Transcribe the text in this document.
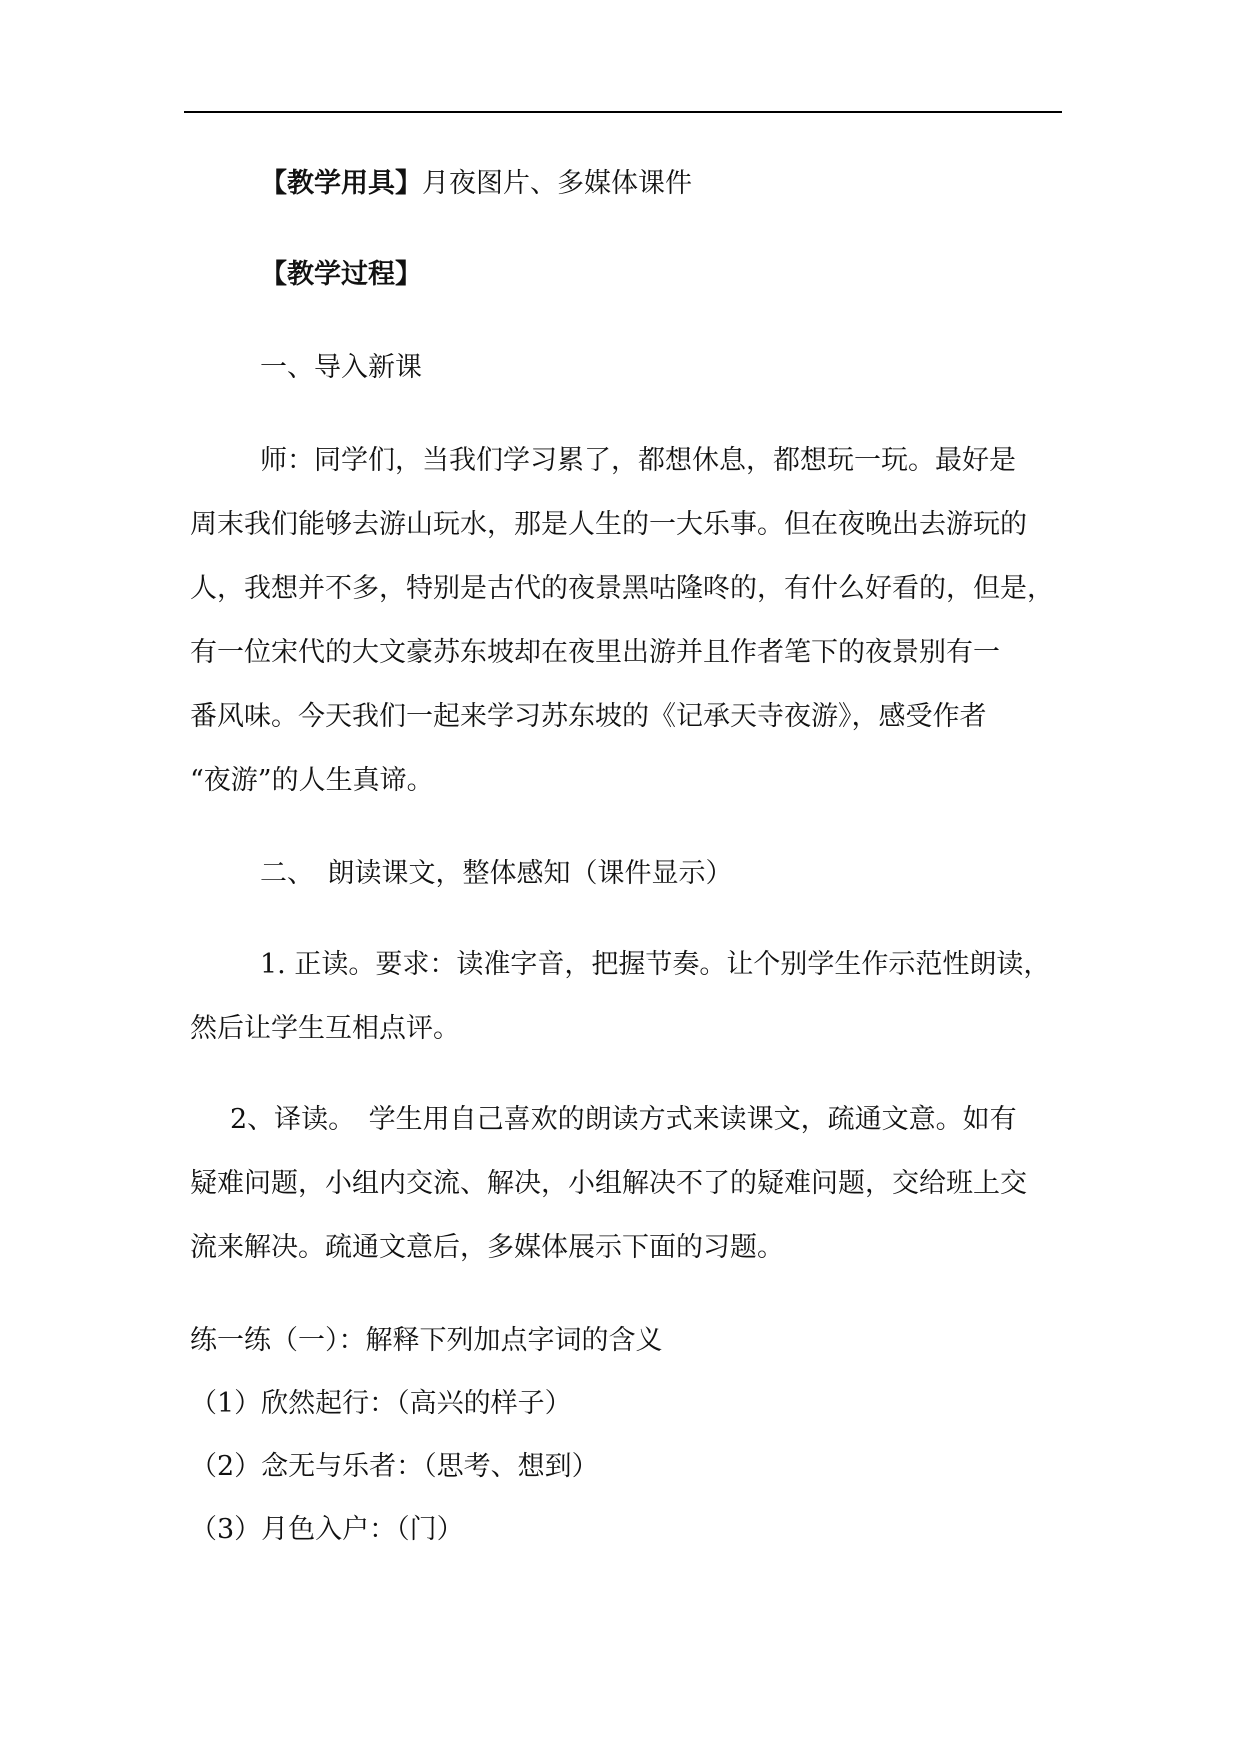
【教学用具】月夜图片、多媒体课件
【教学过程】
一、导入新课
师：同学们，当我们学习累了，都想休息，都想玩一玩。最好是
周末我们能够去游山玩水，那是人生的一大乐事。但在夜晚出去游玩的
人，我想并不多，特别是古代的夜景黑咕隆咚的，有什么好看的，但是，
有一位宋代的大文豪苏东坡却在夜里出游并且作者笔下的夜景别有一
番风味。今天我们一起来学习苏东坡的《记承天寺夜游》，感受作者
“夜游”的人生真谛。
二、　朗读课文，整体感知（课件显示）
1. 正读。要求：读准字音，把握节奏。让个别学生作示范性朗读，
然后让学生互相点评。
2、译读。　学生用自己喜欢的朗读方式来读课文，疏通文意。如有
疑难问题，小组内交流、解决，小组解决不了的疑难问题，交给班上交
流来解决。疏通文意后，多媒体展示下面的习题。
练一练（一）：解释下列加点字词的含义
（1）欣然起行：（高兴的样子）
（2）念无与乐者：（思考、想到）
（3）月色入户：（门）
